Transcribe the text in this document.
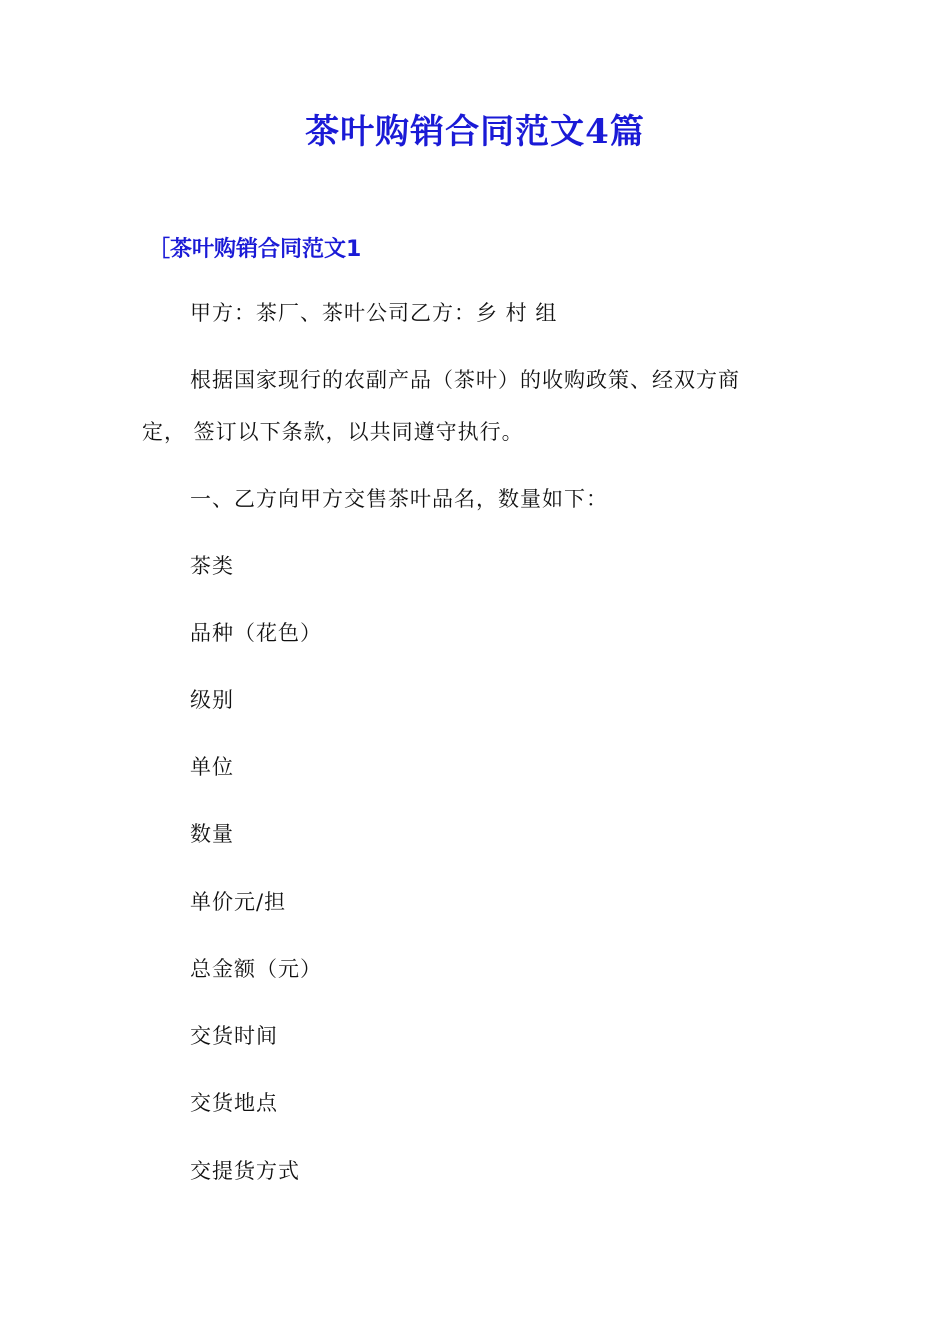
茶叶购销合同范文4篇
［茶叶购销合同范文1

甲方：茶厂、茶叶公司乙方：乡 村 组

根据国家现行的农副产品（茶叶）的收购政策、经双方商

定， 签订以下条款，以共同遵守执行。

一、乙方向甲方交售茶叶品名，数量如下：

茶类

品种（花色）

级别

单位

数量

单价元/担

总金额（元）

交货时间

交货地点

交提货方式
